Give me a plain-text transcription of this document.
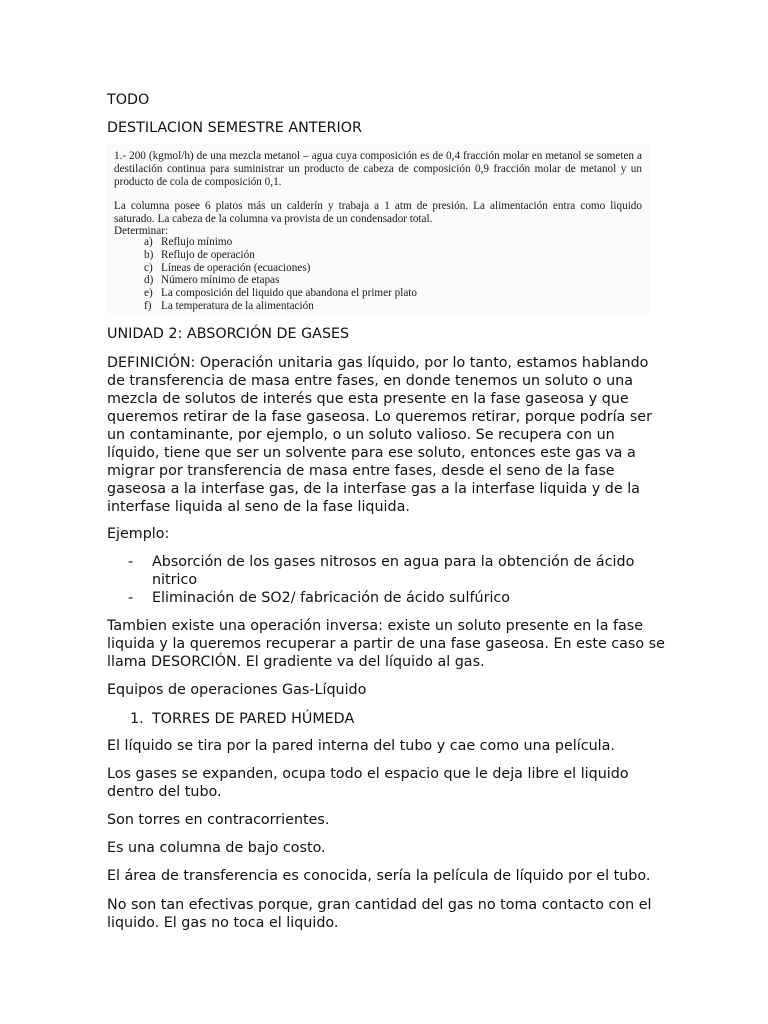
TODO

DESTILACION SEMESTRE ANTERIOR

1.- 200 (kgmol/h) de una mezcla metanol – agua cuya composición es de 0,4 fracción molar en metanol se someten a destilación continua para suministrar un producto de cabeza de composición 0,9 fracción molar de metanol y un producto de cola de composición 0,1.

La columna posee 6 platos más un calderín y trabaja a 1 atm de presión. La alimentación entra como liquido saturado. La cabeza de la columna va provista de un condensador total.

Determinar:

a) Reflujo mínimo
b) Reflujo de operación
c) Líneas de operación (ecuaciones)
d) Número mínimo de etapas
e) La composición del liquido que abandona el primer plato
f) La temperatura de la alimentación

UNIDAD 2: ABSORCIÓN DE GASES

DEFINICIÓN: Operación unitaria gas líquido, por lo tanto, estamos hablando de transferencia de masa entre fases, en donde tenemos un soluto o una mezcla de solutos de interés que esta presente en la fase gaseosa y que queremos retirar de la fase gaseosa. Lo queremos retirar, porque podría ser un contaminante, por ejemplo, o un soluto valioso. Se recupera con un líquido, tiene que ser un solvente para ese soluto, entonces este gas va a migrar por transferencia de masa entre fases, desde el seno de la fase gaseosa a la interfase gas, de la interfase gas a la interfase liquida y de la interfase liquida al seno de la fase liquida.

Ejemplo:

-	Absorción de los gases nitrosos en agua para la obtención de ácido nitrico
-	Eliminación de SO2/ fabricación de ácido sulfúrico

Tambien existe una operación inversa: existe un soluto presente en la fase liquida y la queremos recuperar a partir de una fase gaseosa. En este caso se llama DESORCIÓN. El gradiente va del líquido al gas.

Equipos de operaciones Gas-Líquido

1. TORRES DE PARED HÚMEDA

El líquido se tira por la pared interna del tubo y cae como una película.

Los gases se expanden, ocupa todo el espacio que le deja libre el liquido dentro del tubo.

Son torres en contracorrientes.

Es una columna de bajo costo.

El área de transferencia es conocida, sería la película de líquido por el tubo.

No son tan efectivas porque, gran cantidad del gas no toma contacto con el liquido. El gas no toca el liquido.
